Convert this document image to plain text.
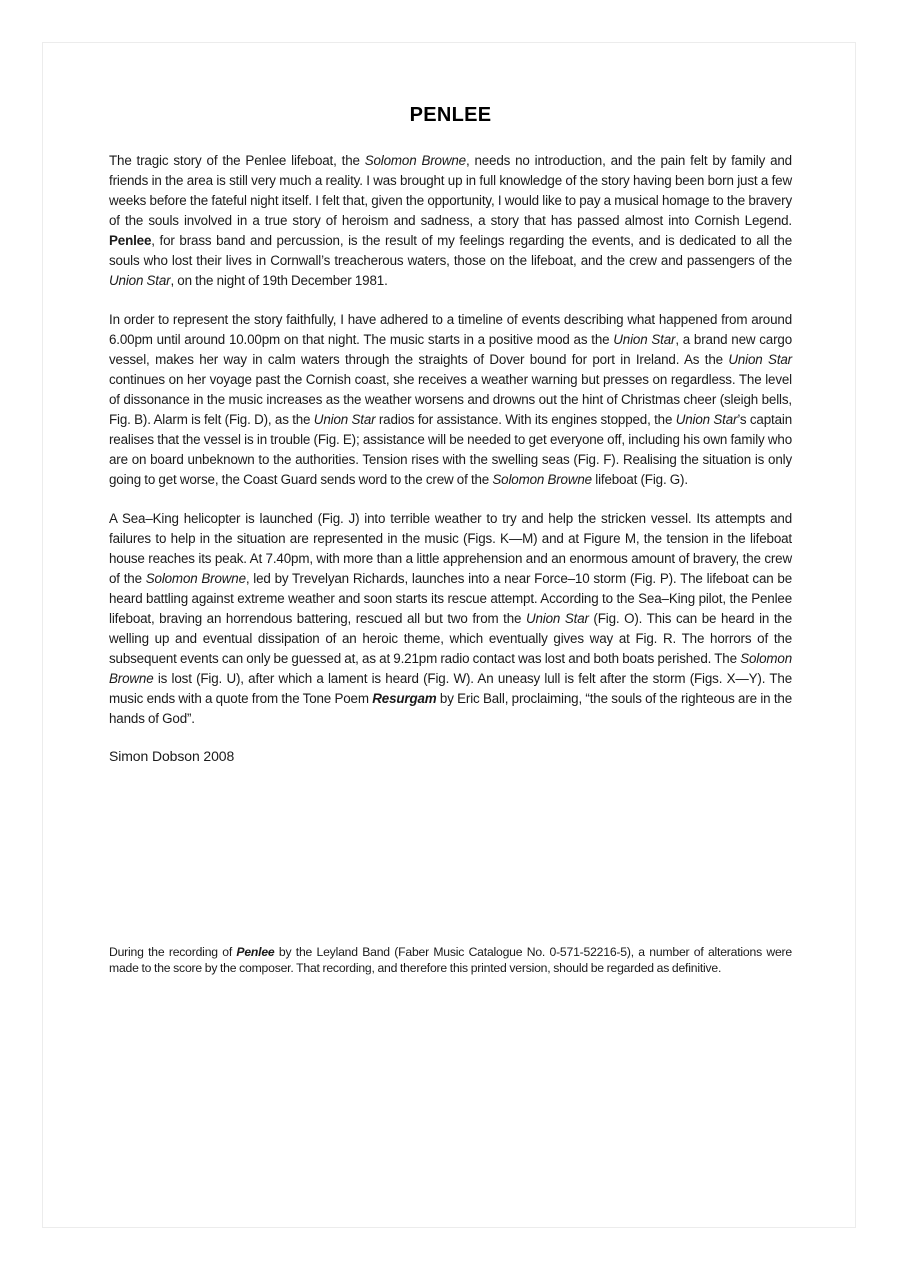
PENLEE

The tragic story of the Penlee lifeboat, the Solomon Browne, needs no introduction, and the pain felt by family and friends in the area is still very much a reality. I was brought up in full knowledge of the story having been born just a few weeks before the fateful night itself. I felt that, given the opportunity, I would like to pay a musical homage to the bravery of the souls involved in a true story of heroism and sadness, a story that has passed almost into Cornish Legend. Penlee, for brass band and percussion, is the result of my feelings regarding the events, and is dedicated to all the souls who lost their lives in Cornwall’s treacherous waters, those on the lifeboat, and the crew and passengers of the Union Star, on the night of 19th December 1981.

In order to represent the story faithfully, I have adhered to a timeline of events describing what happened from around 6.00pm until around 10.00pm on that night. The music starts in a positive mood as the Union Star, a brand new cargo vessel, makes her way in calm waters through the straights of Dover bound for port in Ireland. As the Union Star continues on her voyage past the Cornish coast, she receives a weather warning but presses on regardless. The level of dissonance in the music increases as the weather worsens and drowns out the hint of Christmas cheer (sleigh bells, Fig. B). Alarm is felt (Fig. D), as the Union Star radios for assistance. With its engines stopped, the Union Star’s captain realises that the vessel is in trouble (Fig. E); assistance will be needed to get everyone off, including his own family who are on board unbeknown to the authorities. Tension rises with the swelling seas (Fig. F). Realising the situation is only going to get worse, the Coast Guard sends word to the crew of the Solomon Browne lifeboat (Fig. G).

A Sea–King helicopter is launched (Fig. J) into terrible weather to try and help the stricken vessel. Its attempts and failures to help in the situation are represented in the music (Figs. K—M) and at Figure M, the tension in the lifeboat house reaches its peak. At 7.40pm, with more than a little apprehension and an enormous amount of bravery, the crew of the Solomon Browne, led by Trevelyan Richards, launches into a near Force–10 storm (Fig. P). The lifeboat can be heard battling against extreme weather and soon starts its rescue attempt. According to the Sea–King pilot, the Penlee lifeboat, braving an horrendous battering, rescued all but two from the Union Star (Fig. O). This can be heard in the welling up and eventual dissipation of an heroic theme, which eventually gives way at Fig. R. The horrors of the subsequent events can only be guessed at, as at 9.21pm radio contact was lost and both boats perished. The Solomon Browne is lost (Fig. U), after which a lament is heard (Fig. W). An uneasy lull is felt after the storm (Figs. X—Y). The music ends with a quote from the Tone Poem Resurgam by Eric Ball, proclaiming, “the souls of the righteous are in the hands of God”.

Simon Dobson 2008

During the recording of Penlee by the Leyland Band (Faber Music Catalogue No. 0-571-52216-5), a number of alterations were made to the score by the composer. That recording, and therefore this printed version, should be regarded as definitive.
